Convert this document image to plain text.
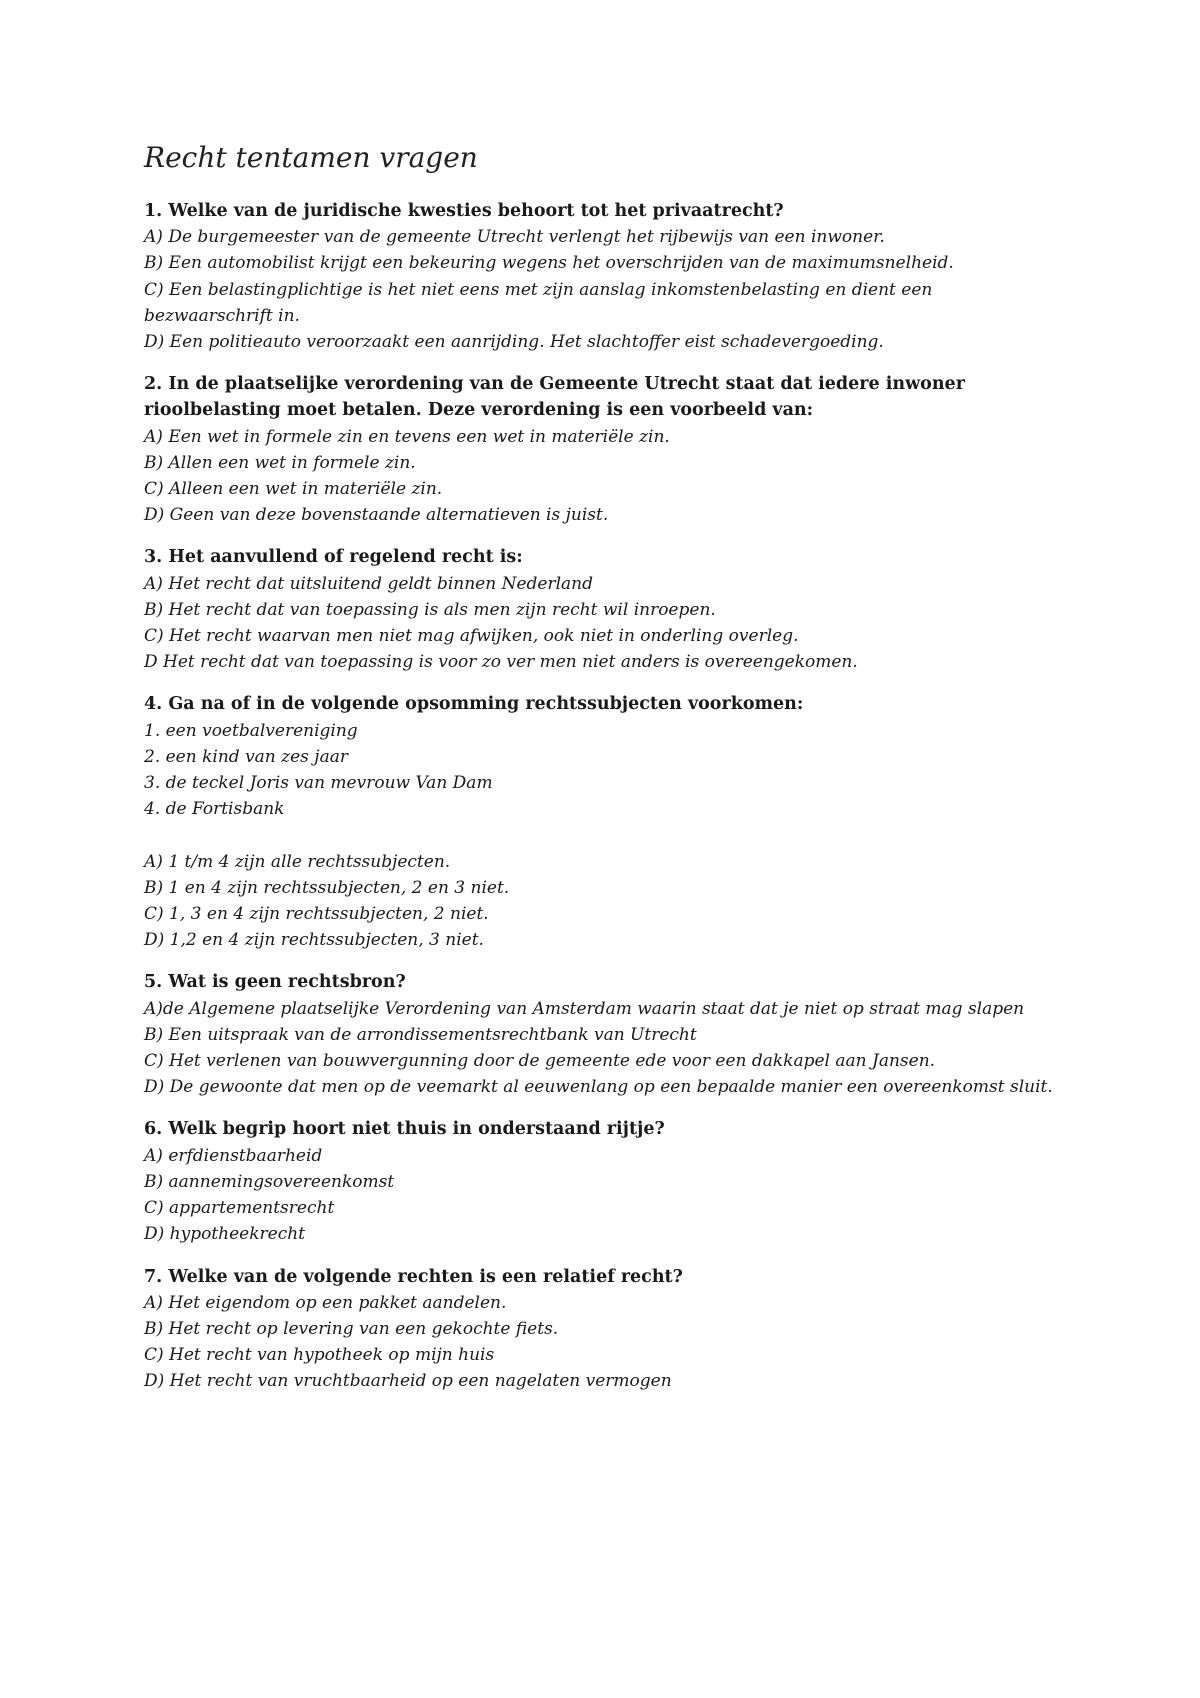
Recht tentamen vragen

1. Welke van de juridische kwesties behoort tot het privaatrecht?

A) De burgemeester van de gemeente Utrecht verlengt het rijbewijs van een inwoner.

B) Een automobilist krijgt een bekeuring wegens het overschrijden van de maximumsnelheid.

C) Een belastingplichtige is het niet eens met zijn aanslag inkomstenbelasting en dient een bezwaarschrift in.

D) Een politieauto veroorzaakt een aanrijding. Het slachtoffer eist schadevergoeding.

2. In de plaatselijke verordening van de Gemeente Utrecht staat dat iedere inwoner rioolbelasting moet betalen. Deze verordening is een voorbeeld van:

A) Een wet in formele zin en tevens een wet in materiële zin.

B) Allen een wet in formele zin.

C) Alleen een wet in materiële zin.

D) Geen van deze bovenstaande alternatieven is juist.

3. Het aanvullend of regelend recht is:

A) Het recht dat uitsluitend geldt binnen Nederland

B) Het recht dat van toepassing is als men zijn recht wil inroepen.

C) Het recht waarvan men niet mag afwijken, ook niet in onderling overleg.

D Het recht dat van toepassing is voor zo ver men niet anders is overeengekomen.

4. Ga na of in de volgende opsomming rechtssubjecten voorkomen:

1. een voetbalvereniging

2. een kind van zes jaar

3. de teckel Joris van mevrouw Van Dam

4. de Fortisbank

A) 1 t/m 4 zijn alle rechtssubjecten.

B) 1 en 4 zijn rechtssubjecten, 2 en 3 niet.

C) 1, 3 en 4 zijn rechtssubjecten, 2 niet.

D) 1,2 en 4 zijn rechtssubjecten, 3 niet.

5. Wat is geen rechtsbron?

A)de Algemene plaatselijke Verordening van Amsterdam waarin staat dat je niet op straat mag slapen

B) Een uitspraak van de arrondissementsrechtbank van Utrecht

C) Het verlenen van bouwvergunning door de gemeente ede voor een dakkapel aan Jansen.

D) De gewoonte dat men op de veemarkt al eeuwenlang op een bepaalde manier een overeenkomst sluit.

6. Welk begrip hoort niet thuis in onderstaand rijtje?

A) erfdienstbaarheid

B) aannemingsovereenkomst

C) appartementsrecht

D) hypotheekrecht

7. Welke van de volgende rechten is een relatief recht?

A) Het eigendom op een pakket aandelen.

B) Het recht op levering van een gekochte fiets.

C) Het recht van hypotheek op mijn huis

D) Het recht van vruchtbaarheid op een nagelaten vermogen
